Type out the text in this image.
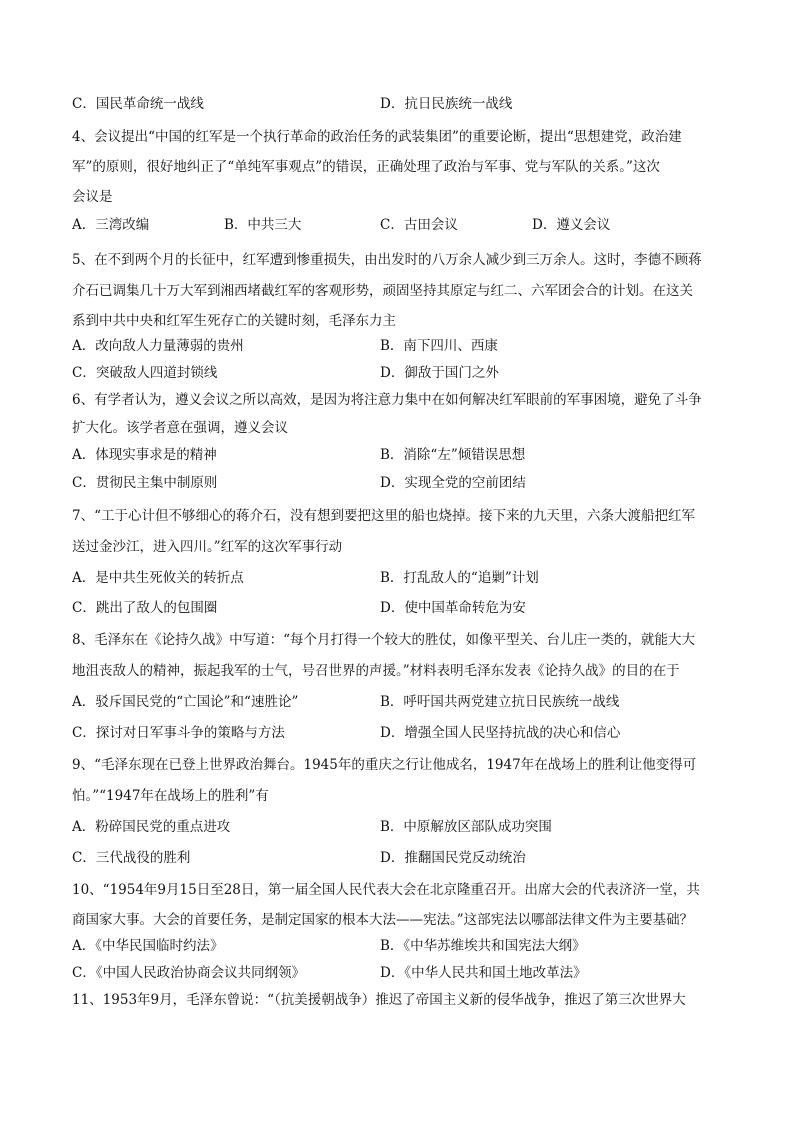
C．国民革命统一战线	D．抗日民族统一战线
4、会议提出“中国的红军是一个执行革命的政治任务的武装集团”的重要论断，提出“思想建党，政治建
军”的原则，很好地纠正了“单纯军事观点”的错误，正确处理了政治与军事、党与军队的关系。”这次
会议是
A．三湾改编	B．中共三大	C．古田会议	D．遵义会议
5、在不到两个月的长征中，红军遭到惨重损失，由出发时的八万余人减少到三万余人。这时，李德不顾蒋
介石已调集几十万大军到湘西堵截红军的客观形势，顽固坚持其原定与红二、六军团会合的计划。在这关
系到中共中央和红军生死存亡的关键时刻，毛泽东力主
A．改向敌人力量薄弱的贵州	B．南下四川、西康
C．突破敌人四道封锁线	D．御敌于国门之外
6、有学者认为，遵义会议之所以高效，是因为将注意力集中在如何解决红军眼前的军事困境，避免了斗争
扩大化。该学者意在强调，遵义会议
A．体现实事求是的精神	B．消除“左”倾错误思想
C．贯彻民主集中制原则	D．实现全党的空前团结
7、“工于心计但不够细心的蒋介石，没有想到要把这里的船也烧掉。接下来的九天里，六条大渡船把红军
送过金沙江，进入四川。”红军的这次军事行动
A．是中共生死攸关的转折点	B．打乱敌人的“追剿”计划
C．跳出了敌人的包围圈	D．使中国革命转危为安
8、毛泽东在《论持久战》中写道：“每个月打得一个较大的胜仗，如像平型关、台儿庄一类的，就能大大
地沮丧敌人的精神，振起我军的士气，号召世界的声援。”材料表明毛泽东发表《论持久战》的目的在于
A．驳斥国民党的“亡国论”和“速胜论”	B．呼吁国共两党建立抗日民族统一战线
C．探讨对日军事斗争的策略与方法	D．增强全国人民坚持抗战的决心和信心
9、“毛泽东现在已登上世界政治舞台。1945年的重庆之行让他成名，1947年在战场上的胜利让他变得可
怕。”“1947年在战场上的胜利”有
A．粉碎国民党的重点进攻	B．中原解放区部队成功突围
C．三代战役的胜利	D．推翻国民党反动统治
10、“1954年9月15日至28日，第一届全国人民代表大会在北京隆重召开。出席大会的代表济济一堂，共
商国家大事。大会的首要任务，是制定国家的根本大法——宪法。”这部宪法以哪部法律文件为主要基础？
A．《中华民国临时约法》	B．《中华苏维埃共和国宪法大纲》
C．《中国人民政治协商会议共同纲领》	D．《中华人民共和国土地改革法》
11、1953年9月，毛泽东曾说：“（抗美援朝战争）推迟了帝国主义新的侵华战争，推迟了第三次世界大
